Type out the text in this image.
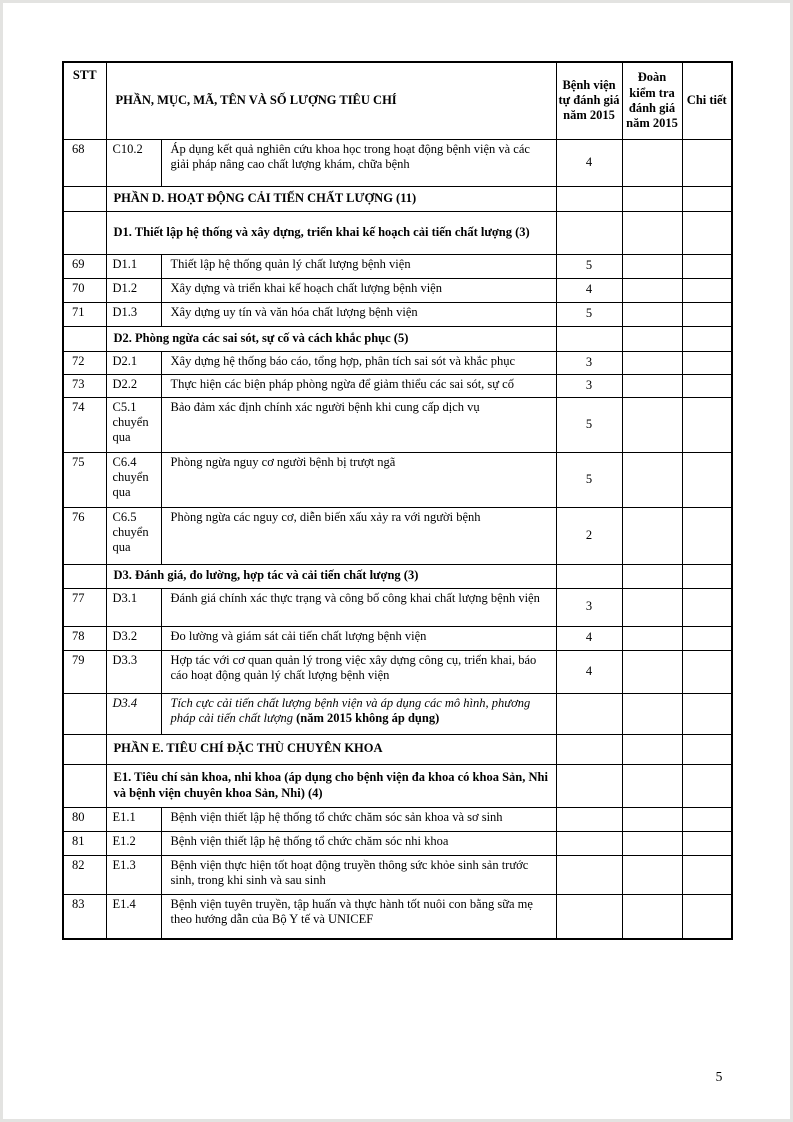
STT	PHẦN, MỤC, MÃ, TÊN VÀ SỐ LƯỢNG TIÊU CHÍ		Bệnh viện tự đánh giá năm 2015	Đoàn kiểm tra đánh giá năm 2015	Chi tiết
68	C10.2	Áp dụng kết quả nghiên cứu khoa học trong hoạt động bệnh viện và các giải pháp nâng cao chất lượng khám, chữa bệnh	4		
	PHẦN D. HOẠT ĐỘNG CẢI TIẾN CHẤT LƯỢNG (11)				
	D1. Thiết lập hệ thống và xây dựng, triển khai kế hoạch cải tiến chất lượng (3)				
69	D1.1	Thiết lập hệ thống quản lý chất lượng bệnh viện	5		
70	D1.2	Xây dựng và triển khai kế hoạch chất lượng bệnh viện	4		
71	D1.3	Xây dựng uy tín và văn hóa chất lượng bệnh viện	5		
	D2. Phòng ngừa các sai sót, sự cố và cách khắc phục (5)				
72	D2.1	Xây dựng hệ thống báo cáo, tổng hợp, phân tích sai sót và khắc phục	3		
73	D2.2	Thực hiện các biện pháp phòng ngừa để giảm thiểu các sai sót, sự cố	3		
74	C5.1 chuyển qua	Bảo đảm xác định chính xác người bệnh khi cung cấp dịch vụ	5		
75	C6.4 chuyển qua	Phòng ngừa nguy cơ người bệnh bị trượt ngã	5		
76	C6.5 chuyển qua	Phòng ngừa các nguy cơ, diễn biến xấu xảy ra với người bệnh	2		
	D3. Đánh giá, đo lường, hợp tác và cải tiến chất lượng (3)				
77	D3.1	Đánh giá chính xác thực trạng và công bố công khai chất lượng bệnh viện	3		
78	D3.2	Đo lường và giám sát cải tiến chất lượng bệnh viện	4		
79	D3.3	Hợp tác với cơ quan quản lý trong việc xây dựng công cụ, triển khai, báo cáo hoạt động quản lý chất lượng bệnh viện	4		
	D3.4	Tích cực cải tiến chất lượng bệnh viện và áp dụng các mô hình, phương pháp cải tiến chất lượng (năm 2015 không áp dụng)			
	PHẦN E. TIÊU CHÍ ĐẶC THÙ CHUYÊN KHOA				
	E1. Tiêu chí sản khoa, nhi khoa (áp dụng cho bệnh viện đa khoa có khoa Sản, Nhi và bệnh viện chuyên khoa Sản, Nhi) (4)				
80	E1.1	Bệnh viện thiết lập hệ thống tổ chức chăm sóc sản khoa và sơ sinh			
81	E1.2	Bệnh viện thiết lập hệ thống tổ chức chăm sóc nhi khoa			
82	E1.3	Bệnh viện thực hiện tốt hoạt động truyền thông sức khỏe sinh sản trước sinh, trong khi sinh và sau sinh			
83	E1.4	Bệnh viện tuyên truyền, tập huấn và thực hành tốt nuôi con bằng sữa mẹ theo hướng dẫn của Bộ Y tế và UNICEF			
5
